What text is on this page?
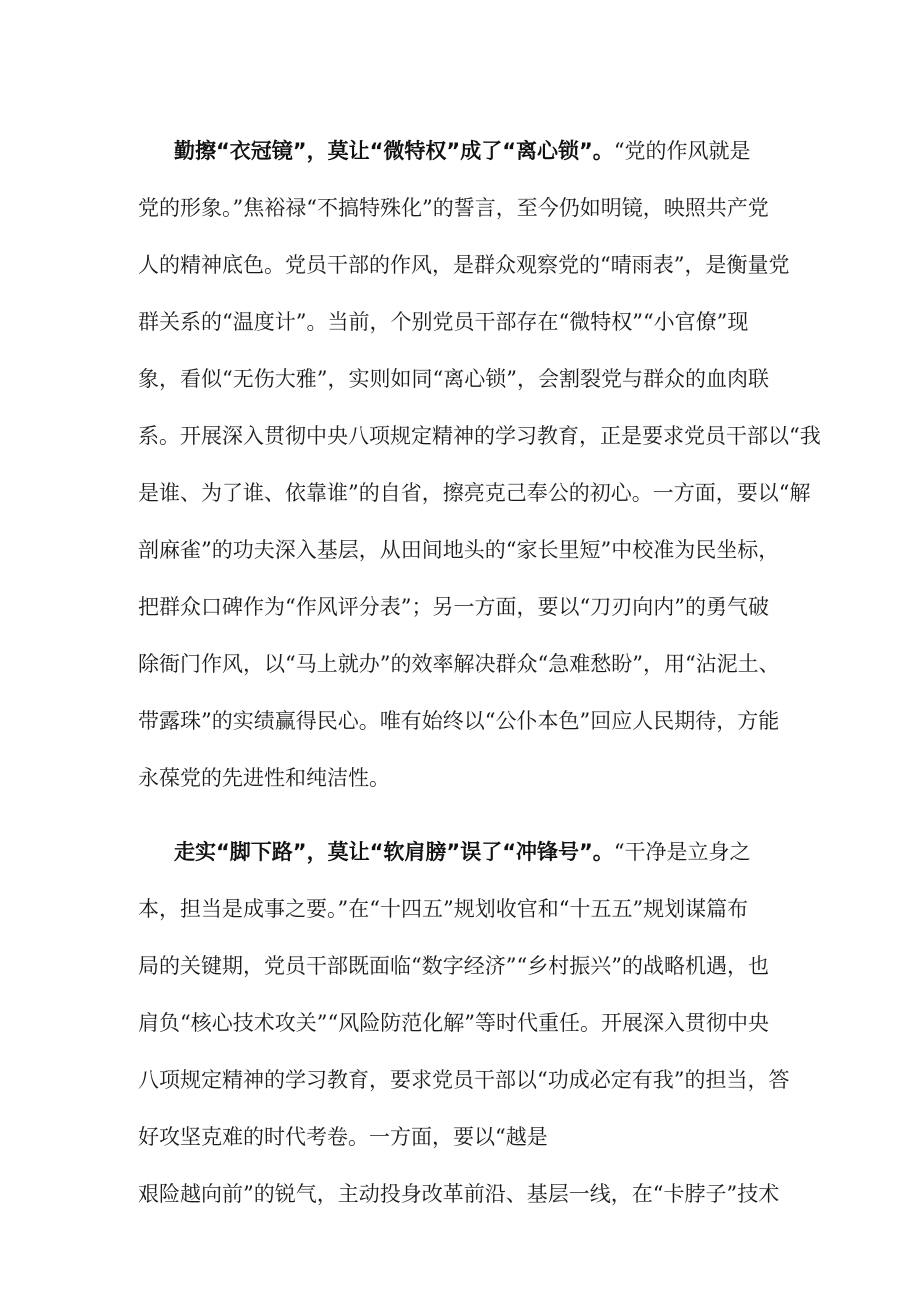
勤擦“衣冠镜”，莫让“微特权”成了“离心锁”。“党的作风就是
党的形象。”焦裕禄“不搞特殊化”的誓言，至今仍如明镜，映照共产党
人的精神底色。党员干部的作风，是群众观察党的“晴雨表”，是衡量党
群关系的“温度计”。当前，个别党员干部存在“微特权”“小官僚”现
象，看似“无伤大雅”，实则如同“离心锁”，会割裂党与群众的血肉联
系。开展深入贯彻中央八项规定精神的学习教育，正是要求党员干部以“我
是谁、为了谁、依靠谁”的自省，擦亮克己奉公的初心。一方面，要以“解
剖麻雀”的功夫深入基层，从田间地头的“家长里短”中校准为民坐标，
把群众口碑作为“作风评分表”；另一方面，要以“刀刃向内”的勇气破
除衙门作风，以“马上就办”的效率解决群众“急难愁盼”，用“沾泥土、
带露珠”的实绩赢得民心。唯有始终以“公仆本色”回应人民期待，方能
永葆党的先进性和纯洁性。
走实“脚下路”，莫让“软肩膀”误了“冲锋号”。“干净是立身之
本，担当是成事之要。”在“十四五”规划收官和“十五五”规划谋篇布
局的关键期，党员干部既面临“数字经济”“乡村振兴”的战略机遇，也
肩负“核心技术攻关”“风险防范化解”等时代重任。开展深入贯彻中央
八项规定精神的学习教育，要求党员干部以“功成必定有我”的担当，答
好攻坚克难的时代考卷。一方面，要以“越是
艰险越向前”的锐气，主动投身改革前沿、基层一线，在“卡脖子”技术
